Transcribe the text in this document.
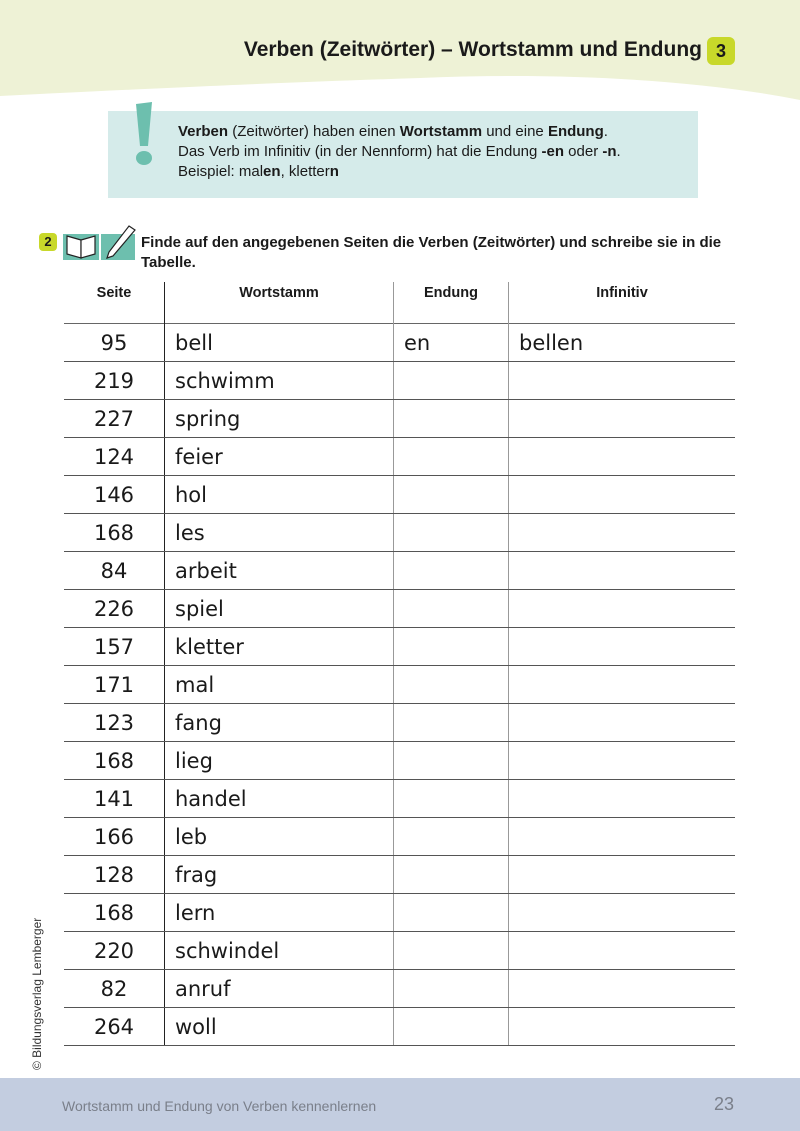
Verben (Zeitwörter) – Wortstamm und Endung 3
Verben (Zeitwörter) haben einen Wortstamm und eine Endung.
Das Verb im Infinitiv (in der Nennform) hat die Endung -en oder -n.
Beispiel: malen, klettern
2	Finde auf den angegebenen Seiten die Verben (Zeitwörter) und schreibe sie in die Tabelle.
Seite	Wortstamm	Endung	Infinitiv
95	bell	en	bellen
219	schwimm		
227	spring		
124	feier		
146	hol		
168	les		
84	arbeit		
226	spiel		
157	kletter		
171	mal		
123	fang		
168	lieg		
141	handel		
166	leb		
128	frag		
168	lern		
220	schwindel		
82	anruf		
264	woll		
© Bildungsverlag Lemberger
Wortstamm und Endung von Verben kennenlernen	23
